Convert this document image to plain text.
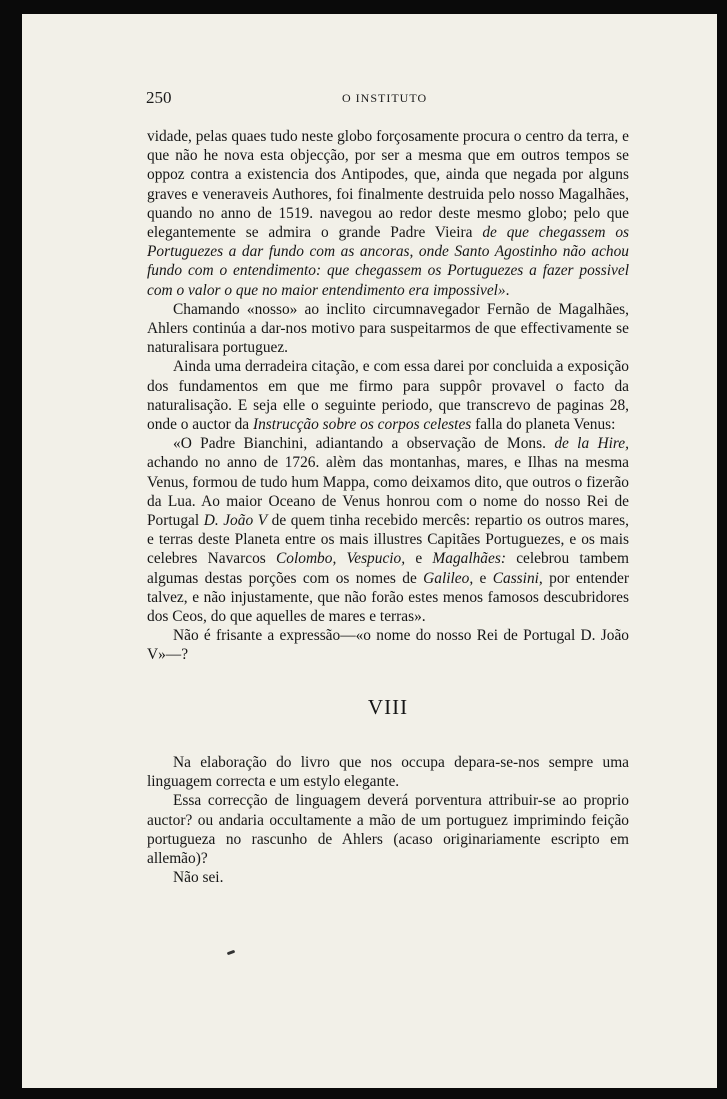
250	O INSTITUTO

vidade, pelas quaes tudo neste globo forçosamente procura o centro da terra, e que não he nova esta objecção, por ser a mesma que em outros tempos se oppoz contra a existencia dos Antipodes, que, ainda que negada por alguns graves e veneraveis Authores, foi finalmente destruida pelo nosso Magalhães, quando no anno de 1519. navegou ao redor deste mesmo globo; pelo que elegantemente se admira o grande Padre Vieira de que chegassem os Portuguezes a dar fundo com as ancoras, onde Santo Agostinho não achou fundo com o entendimento: que chegassem os Portuguezes a fazer possivel com o valor o que no maior entendimento era impossivel».

Chamando «nosso» ao inclito circumnavegador Fernão de Magalhães, Ahlers continúa a dar-nos motivo para suspeitarmos de que effectivamente se naturalisara portuguez.

Ainda uma derradeira citação, e com essa darei por concluida a exposição dos fundamentos em que me firmo para suppôr provavel o facto da naturalisação. E seja elle o seguinte periodo, que transcrevo de paginas 28, onde o auctor da Instrucção sobre os corpos celestes falla do planeta Venus:

«O Padre Bianchini, adiantando a observação de Mons. de la Hire, achando no anno de 1726. alèm das montanhas, mares, e Ilhas na mesma Venus, formou de tudo hum Mappa, como deixamos dito, que outros o fizerão da Lua. Ao maior Oceano de Venus honrou com o nome do nosso Rei de Portugal D. João V de quem tinha recebido mercês: repartio os outros mares, e terras deste Planeta entre os mais illustres Capitães Portuguezes, e os mais celebres Navarcos Colombo, Vespucio, e Magalhães: celebrou tambem algumas destas porções com os nomes de Galileo, e Cassini, por entender talvez, e não injustamente, que não forão estes menos famosos descubridores dos Ceos, do que aquelles de mares e terras».

Não é frisante a expressão—«o nome do nosso Rei de Portugal D. João V»—?

VIII

Na elaboração do livro que nos occupa depara-se-nos sempre uma linguagem correcta e um estylo elegante.

Essa correcção de linguagem deverá porventura attribuir-se ao proprio auctor? ou andaria occultamente a mão de um portuguez imprimindo feição portugueza no rascunho de Ahlers (acaso originariamente escripto em allemão)?

Não sei.
